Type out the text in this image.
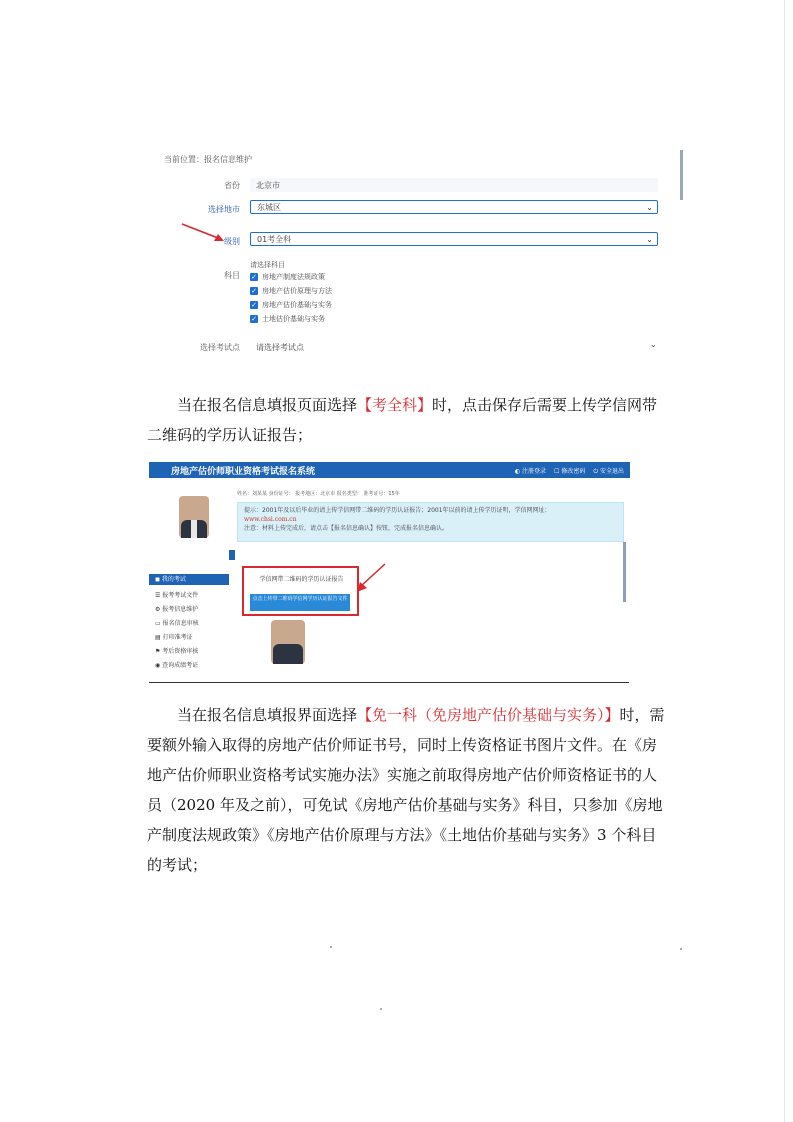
当前位置：报名信息维护
省份 北京市
选择地市	东城区	⌄
级别	01考全科	⌄
科目
请选择科目
✓ 房地产制度法规政策
✓ 房地产估价原理与方法
✓ 房地产估价基础与实务
✓ 土地估价基础与实务
选择考试点 请选择考试点	⌄
当在报名信息填报页面选择【考全科】时，点击保存后需要上传学信网带二维码的学历认证报告；
房地产估价师职业资格考试报名系统	◐ 注册登录 ☐ 修改密码 ⏻ 安全退出
◼ 我的考试
☰ 报考考试文件
⚙ 报考信息维护
▭ 报名信息审核
▤ 打印准考证
⚑ 考后资格审核
◉ 查询成绩考证
姓名：刘某某 身份证号： 报考地区：北京市 报名类型： 准考证号：15年
提示：2001年及以后毕业的请上传学信网带二维码的学历认证报告；2001年以前的请上传学历证明，学信网网址：
www.chsi.com.cn
注意：材料上传完成后，请点击【报名信息确认】按钮，完成报名信息确认。
学信网带二维码的学历认证报告
点击上传带二维码学信网学历认证报告文件
当在报名信息填报界面选择【免一科（免房地产估价基础与实务）】时，需要额外输入取得的房地产估价师证书号，同时上传资格证书图片文件。在《房地产估价师职业资格考试实施办法》实施之前取得房地产估价师资格证书的人员（2020 年及之前），可免试《房地产估价基础与实务》科目，只参加《房地产制度法规政策》《房地产估价原理与方法》《土地估价基础与实务》3 个科目的考试；
